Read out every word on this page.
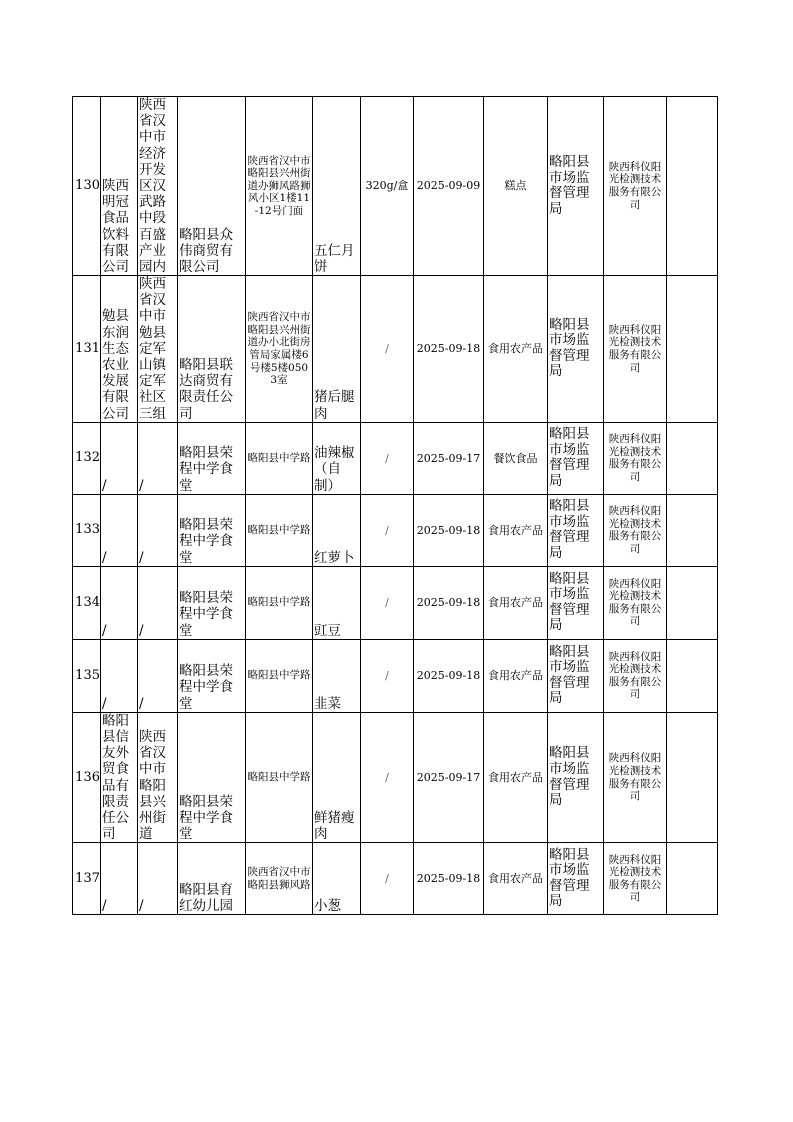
130	陕西明冠食品饮料有限公司	陕西省汉中市经济开发区汉武路中段百盛产业园内	略阳县众伟商贸有限公司	陕西省汉中市略阳县兴州街道办狮风路狮风小区1楼11-12号门面	五仁月饼	320g/盒	2025-09-09	糕点	略阳县市场监督管理局	陕西科仪阳光检测技术服务有限公司	
131	勉县东润生态农业发展有限公司	陕西省汉中市勉县定军山镇定军社区三组	略阳县联达商贸有限责任公司	陕西省汉中市略阳县兴州街道办小北街房管局家属楼6号楼5楼0503室	猪后腿肉	/	2025-09-18	食用农产品	略阳县市场监督管理局	陕西科仪阳光检测技术服务有限公司	
132	/	/	略阳县荣程中学食堂	略阳县中学路	油辣椒（自制）	/	2025-09-17	餐饮食品	略阳县市场监督管理局	陕西科仪阳光检测技术服务有限公司	
133	/	/	略阳县荣程中学食堂	略阳县中学路	红萝卜	/	2025-09-18	食用农产品	略阳县市场监督管理局	陕西科仪阳光检测技术服务有限公司	
134	/	/	略阳县荣程中学食堂	略阳县中学路	豇豆	/	2025-09-18	食用农产品	略阳县市场监督管理局	陕西科仪阳光检测技术服务有限公司	
135	/	/	略阳县荣程中学食堂	略阳县中学路	韭菜	/	2025-09-18	食用农产品	略阳县市场监督管理局	陕西科仪阳光检测技术服务有限公司	
136	略阳县信友外贸食品有限责任公司	陕西省汉中市略阳县兴州街道	略阳县荣程中学食堂	略阳县中学路	鲜猪瘦肉	/	2025-09-17	食用农产品	略阳县市场监督管理局	陕西科仪阳光检测技术服务有限公司	
137	/	/	略阳县育红幼儿园	陕西省汉中市略阳县狮风路	小葱	/	2025-09-18	食用农产品	略阳县市场监督管理局	陕西科仪阳光检测技术服务有限公司	
